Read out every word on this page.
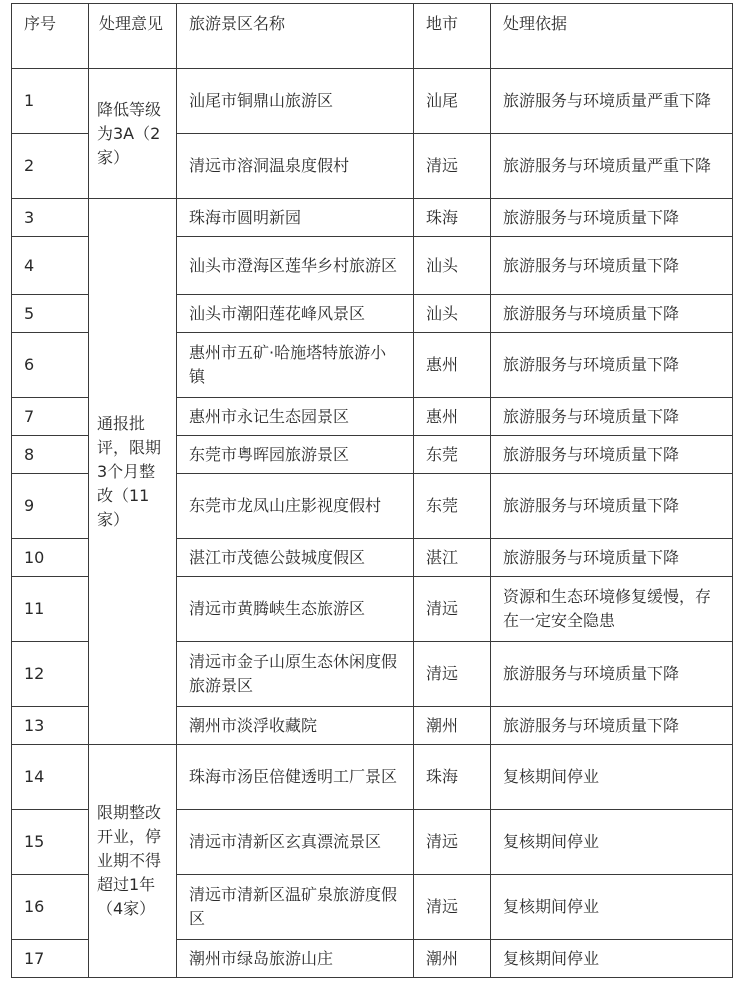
序号	处理意见	旅游景区名称	地市	处理依据
1	降低等级为3A（2家）	汕尾市铜鼎山旅游区	汕尾	旅游服务与环境质量严重下降
2		清远市溶洞温泉度假村	清远	旅游服务与环境质量严重下降
3	通报批评，限期3个月整改（11家）	珠海市圆明新园	珠海	旅游服务与环境质量下降
4		汕头市澄海区莲华乡村旅游区	汕头	旅游服务与环境质量下降
5		汕头市潮阳莲花峰风景区	汕头	旅游服务与环境质量下降
6		惠州市五矿·哈施塔特旅游小镇	惠州	旅游服务与环境质量下降
7		惠州市永记生态园景区	惠州	旅游服务与环境质量下降
8		东莞市粤晖园旅游景区	东莞	旅游服务与环境质量下降
9		东莞市龙凤山庄影视度假村	东莞	旅游服务与环境质量下降
10		湛江市茂德公鼓城度假区	湛江	旅游服务与环境质量下降
11		清远市黄腾峡生态旅游区	清远	资源和生态环境修复缓慢，存在一定安全隐患
12		清远市金子山原生态休闲度假旅游景区	清远	旅游服务与环境质量下降
13		潮州市淡浮收藏院	潮州	旅游服务与环境质量下降
14	限期整改开业，停业期不得超过1年（4家）	珠海市汤臣倍健透明工厂景区	珠海	复核期间停业
15		清远市清新区玄真漂流景区	清远	复核期间停业
16		清远市清新区温矿泉旅游度假区	清远	复核期间停业
17		潮州市绿岛旅游山庄	潮州	复核期间停业
